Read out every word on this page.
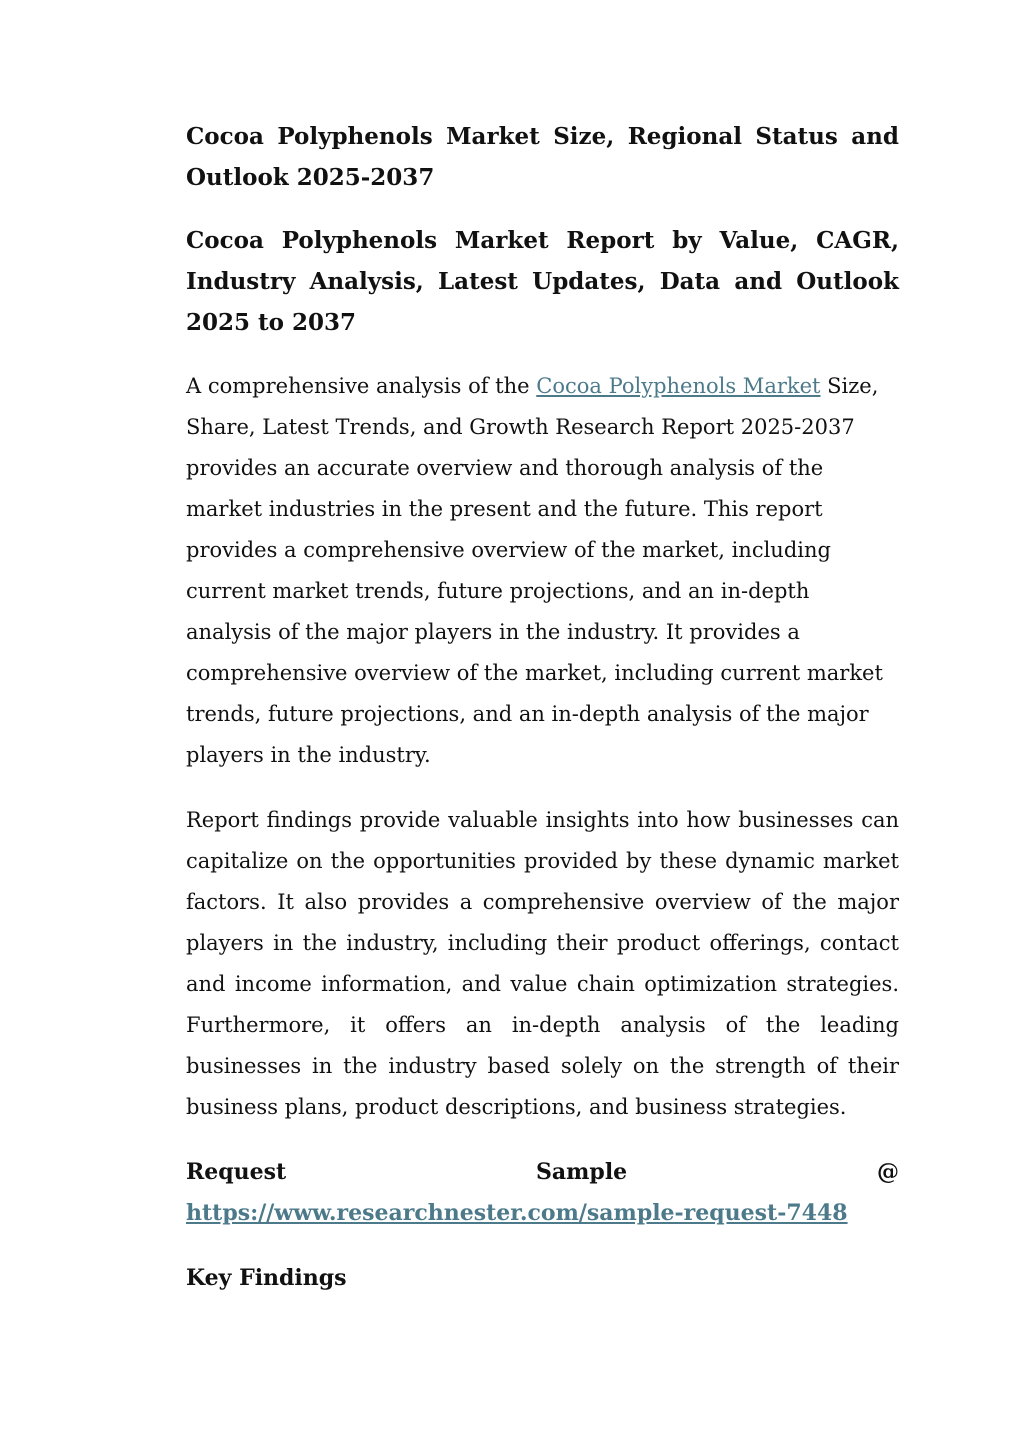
Cocoa Polyphenols Market Size, Regional Status and Outlook 2025-2037
Cocoa Polyphenols Market Report by Value, CAGR, Industry Analysis, Latest Updates, Data and Outlook 2025 to 2037

A comprehensive analysis of the Cocoa Polyphenols Market Size, Share, Latest Trends, and Growth Research Report 2025-2037 provides an accurate overview and thorough analysis of the market industries in the present and the future. This report provides a comprehensive overview of the market, including current market trends, future projections, and an in-depth analysis of the major players in the industry. It provides a comprehensive overview of the market, including current market trends, future projections, and an in-depth analysis of the major players in the industry.

Report findings provide valuable insights into how businesses can capitalize on the opportunities provided by these dynamic market factors. It also provides a comprehensive overview of the major players in the industry, including their product offerings, contact and income information, and value chain optimization strategies. Furthermore, it offers an in-depth analysis of the leading businesses in the industry based solely on the strength of their business plans, product descriptions, and business strategies.

Request	Sample	@
https://www.researchnester.com/sample-request-7448
Key Findings
